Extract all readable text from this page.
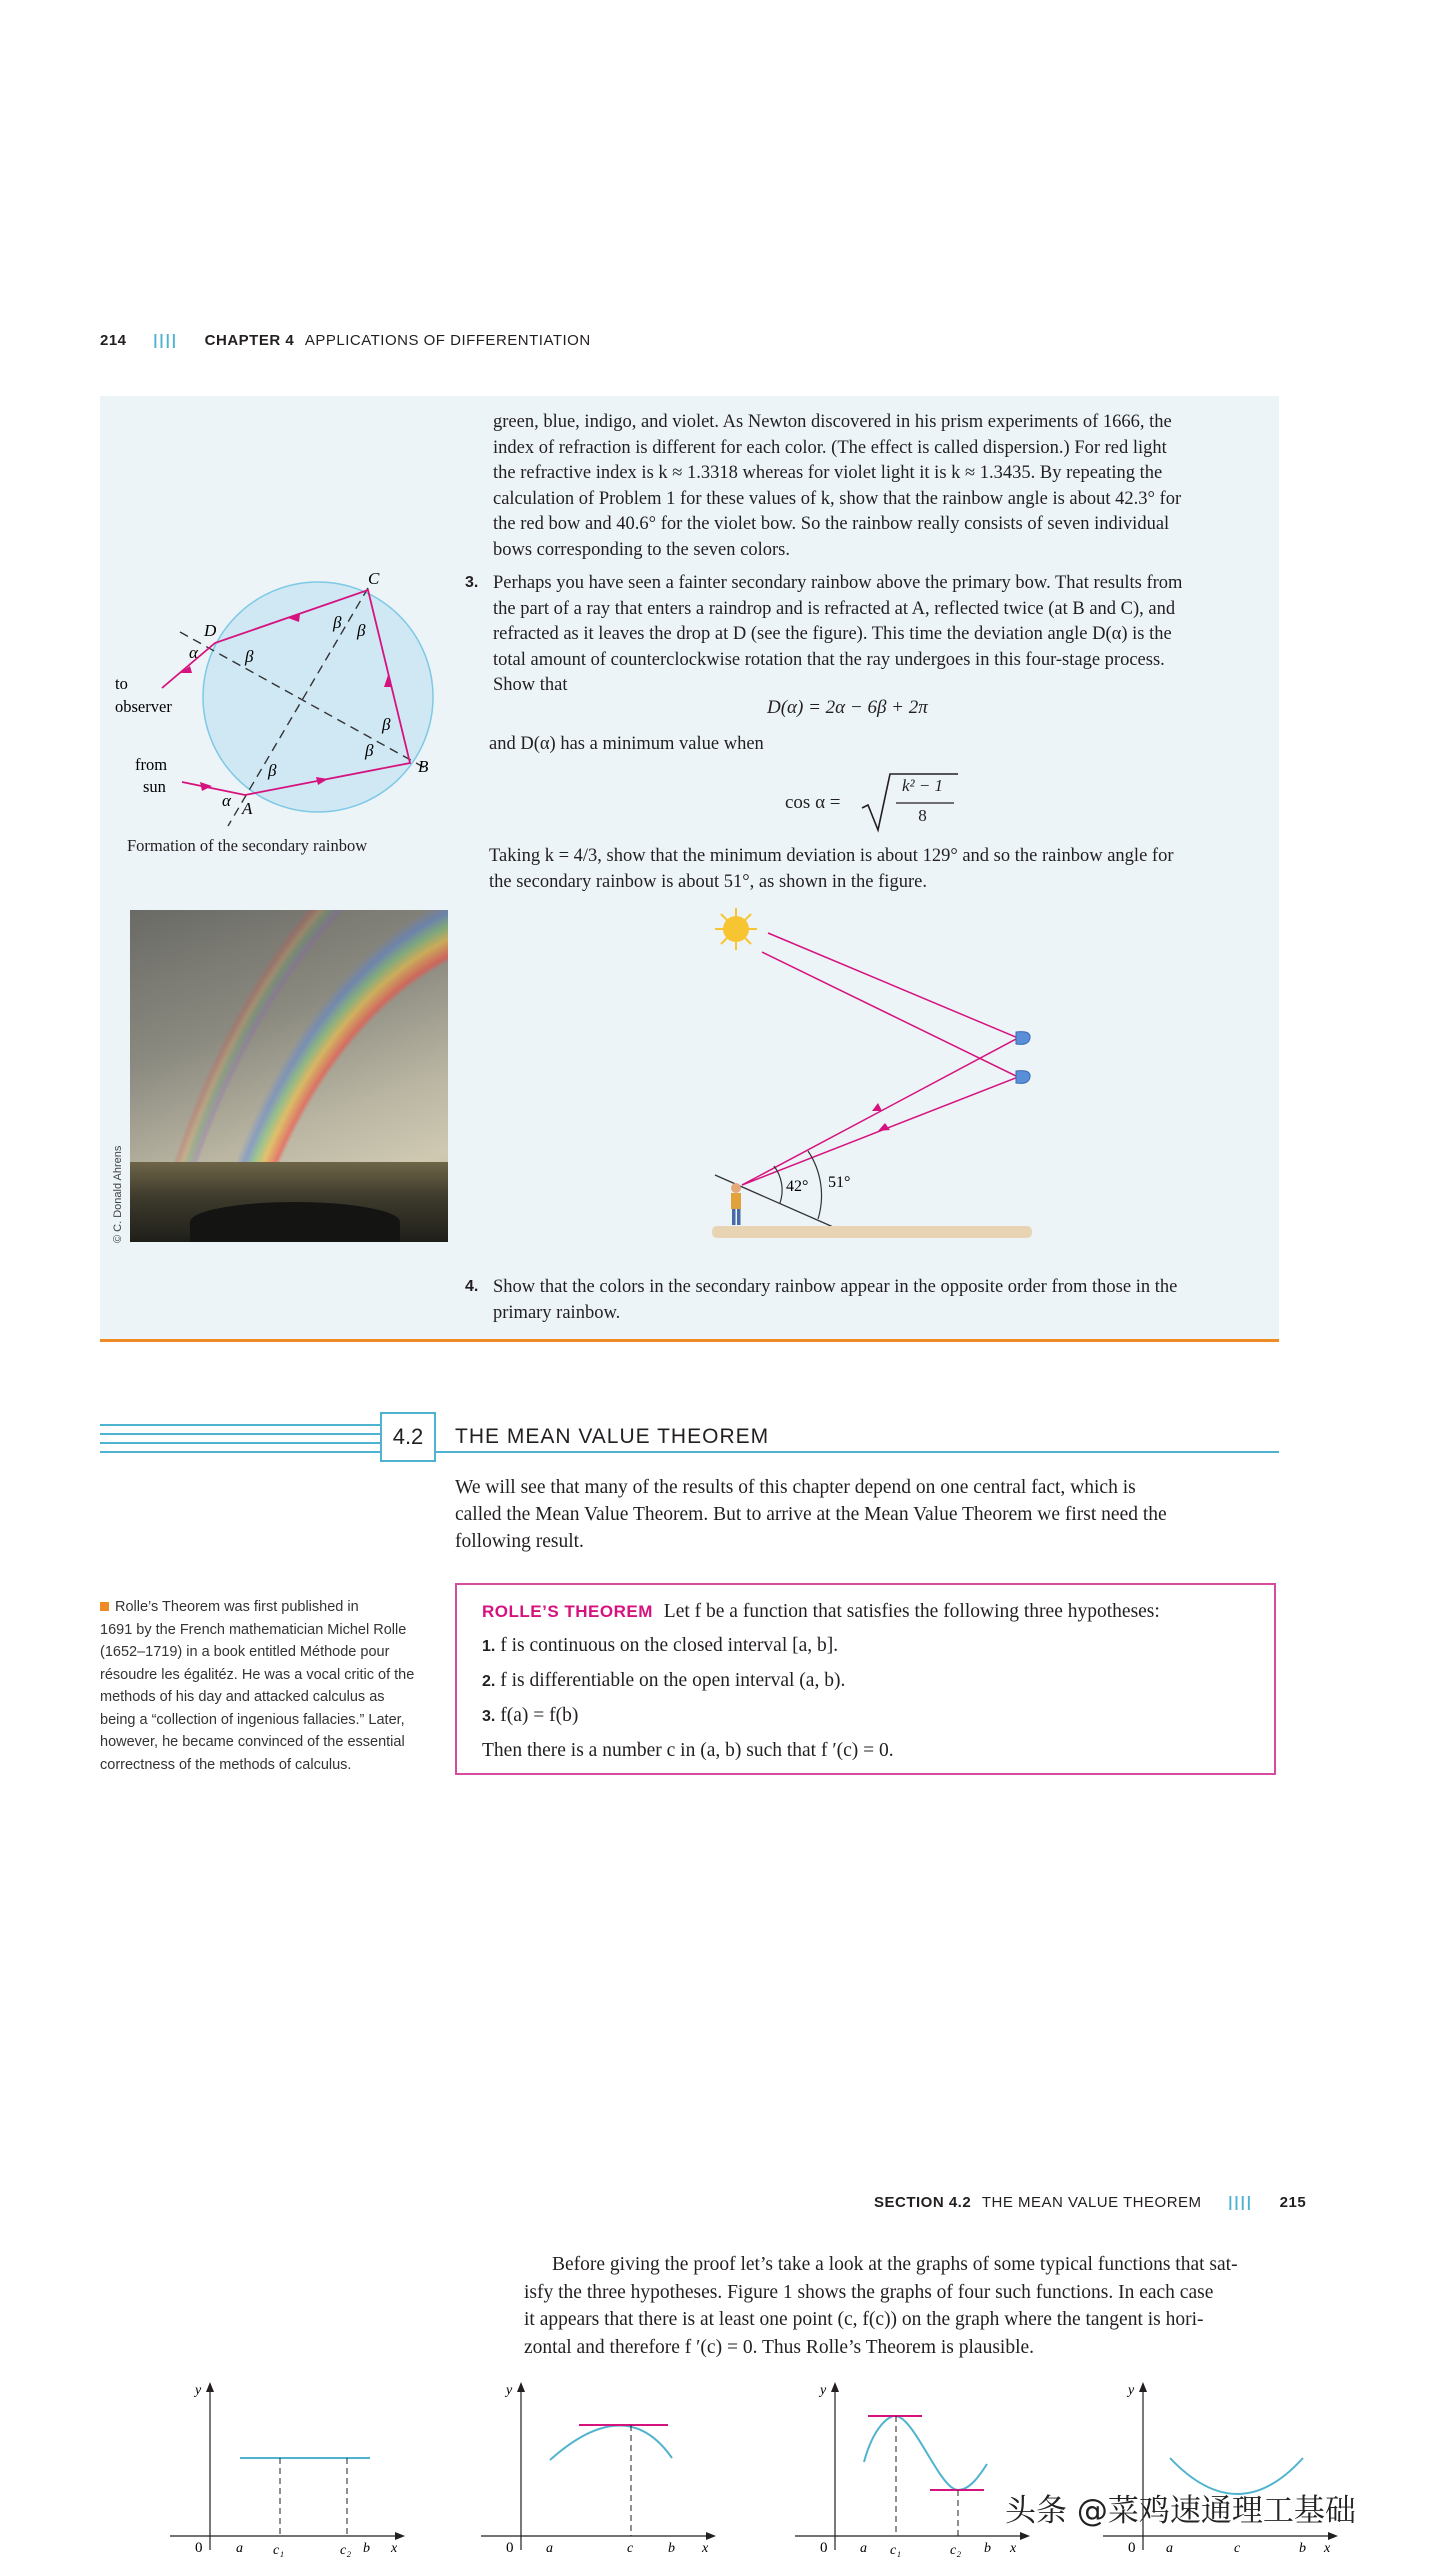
214 |||| CHAPTER 4 APPLICATIONS OF DIFFERENTIATION
green, blue, indigo, and violet. As Newton discovered in his prism experiments of 1666, the
index of refraction is different for each color. (The effect is called dispersion.) For red light
the refractive index is k ≈ 1.3318 whereas for violet light it is k ≈ 1.3435. By repeating the
calculation of Problem 1 for these values of k, show that the rainbow angle is about 42.3° for
the red bow and 40.6° for the violet bow. So the rainbow really consists of seven individual
bows corresponding to the seven colors.
3. Perhaps you have seen a fainter secondary rainbow above the primary bow. That results from
the part of a ray that enters a raindrop and is refracted at A, reflected twice (at B and C), and
refracted as it leaves the drop at D (see the figure). This time the deviation angle D(α) is the
total amount of counterclockwise rotation that the ray undergoes in this four-stage process.
Show that
D(α) = 2α − 6β + 2π
and D(α) has a minimum value when
cos α =
k² − 1
8
Taking k = 4/3, show that the minimum deviation is about 129° and so the rainbow angle for
the secondary rainbow is about 51°, as shown in the figure.
C
D
B
A
α	β
β β
β
β
β
α
to
observer
from
sun
Formation of the secondary rainbow
© C. Donald Ahrens	42° 51°
4. Show that the colors in the secondary rainbow appear in the opposite order from those in the
primary rainbow.
4.2	THE MEAN VALUE THEOREM
We will see that many of the results of this chapter depend on one central fact, which is
called the Mean Value Theorem. But to arrive at the Mean Value Theorem we first need the
following result.
Rolle’s Theorem was first published in
1691 by the French mathematician Michel Rolle
(1652–1719) in a book entitled Méthode pour
résoudre les égalitéz. He was a vocal critic of the
methods of his day and attacked calculus as
being a “collection of ingenious fallacies.” Later,
however, he became convinced of the essential
correctness of the methods of calculus.
ROLLE’S THEOREM Let f be a function that satisfies the following three hypotheses:
1. f is continuous on the closed interval [a, b].
2. f is differentiable on the open interval (a, b).
3. f(a) = f(b)
Then there is a number c in (a, b) such that f ′(c) = 0.
SECTION 4.2 THE MEAN VALUE THEOREM |||| 215
Before giving the proof let’s take a look at the graphs of some typical functions that sat-
isfy the three hypotheses. Figure 1 shows the graphs of four such functions. In each case
it appears that there is at least one point (c, f(c)) on the graph where the tangent is hori-
zontal and therefore f ′(c) = 0. Thus Rolle’s Theorem is plausible.
y
0 a c₁	c₂ b x
y
0 a	c b x
y
0 a c₁	c₂ b x
y
0 a	c	b x
头条 @菜鸡速通理工基础
